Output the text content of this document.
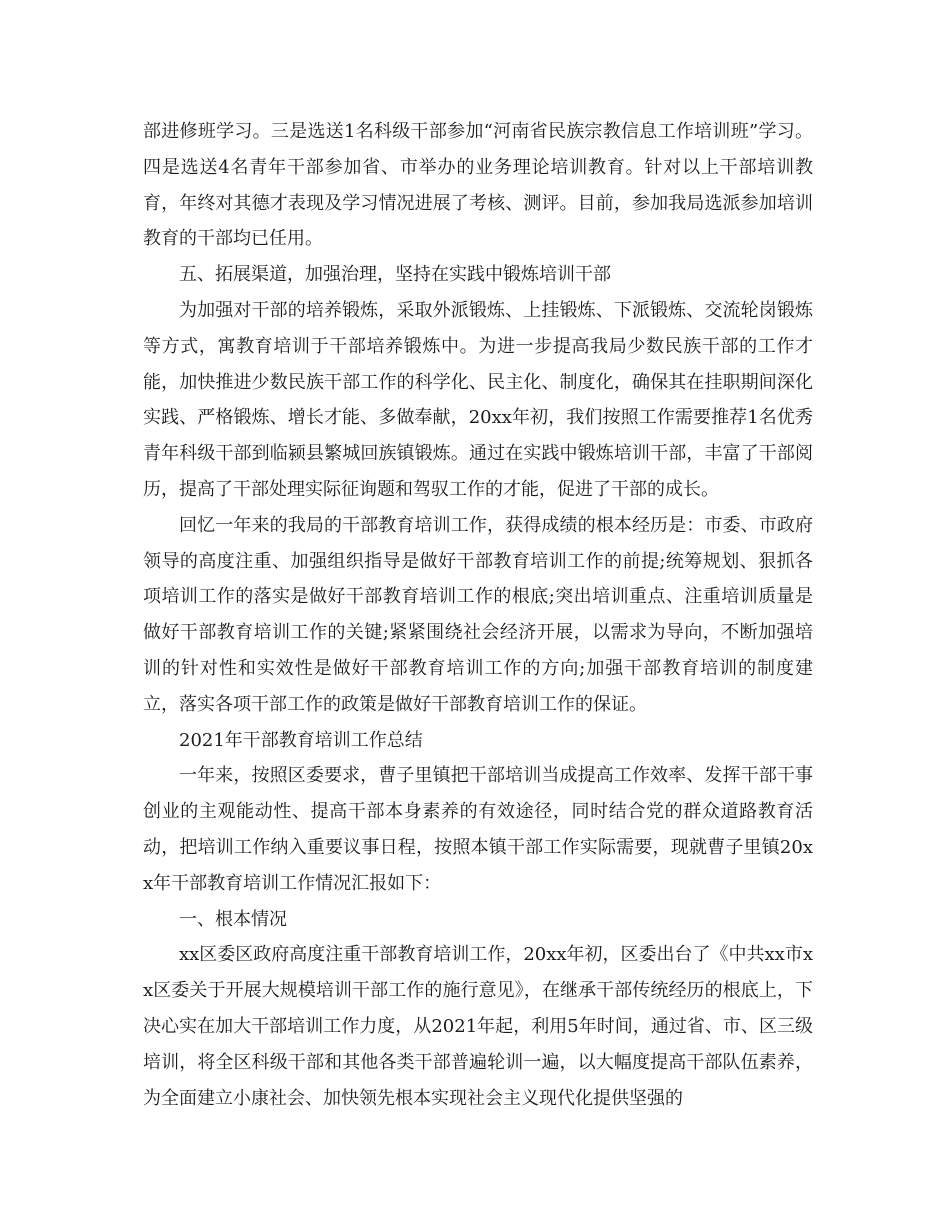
部进修班学习。三是选送1名科级干部参加“河南省民族宗教信息工作培训班”学习。四是选送4名青年干部参加省、市举办的业务理论培训教育。针对以上干部培训教育，年终对其德才表现及学习情况进展了考核、测评。目前，参加我局选派参加培训教育的干部均已任用。

五、拓展渠道，加强治理，坚持在实践中锻炼培训干部

为加强对干部的培养锻炼，采取外派锻炼、上挂锻炼、下派锻炼、交流轮岗锻炼等方式，寓教育培训于干部培养锻炼中。为进一步提高我局少数民族干部的工作才能，加快推进少数民族干部工作的科学化、民主化、制度化，确保其在挂职期间深化实践、严格锻炼、增长才能、多做奉献，20xx年初，我们按照工作需要推荐1名优秀青年科级干部到临颍县繁城回族镇锻炼。通过在实践中锻炼培训干部，丰富了干部阅历，提高了干部处理实际征询题和驾驭工作的才能，促进了干部的成长。

回忆一年来的我局的干部教育培训工作，获得成绩的根本经历是：市委、市政府领导的高度注重、加强组织指导是做好干部教育培训工作的前提;统筹规划、狠抓各项培训工作的落实是做好干部教育培训工作的根底;突出培训重点、注重培训质量是做好干部教育培训工作的关键;紧紧围绕社会经济开展，以需求为导向，不断加强培训的针对性和实效性是做好干部教育培训工作的方向;加强干部教育培训的制度建立，落实各项干部工作的政策是做好干部教育培训工作的保证。

2021年干部教育培训工作总结

一年来，按照区委要求，曹子里镇把干部培训当成提高工作效率、发挥干部干事创业的主观能动性、提高干部本身素养的有效途径，同时结合党的群众道路教育活动，把培训工作纳入重要议事日程，按照本镇干部工作实际需要，现就曹子里镇20xx年干部教育培训工作情况汇报如下：

一、根本情况

xx区委区政府高度注重干部教育培训工作，20xx年初，区委出台了《中共xx市xx区委关于开展大规模培训干部工作的施行意见》，在继承干部传统经历的根底上，下决心实在加大干部培训工作力度，从2021年起，利用5年时间，通过省、市、区三级培训，将全区科级干部和其他各类干部普遍轮训一遍，以大幅度提高干部队伍素养，为全面建立小康社会、加快领先根本实现社会主义现代化提供坚强的
